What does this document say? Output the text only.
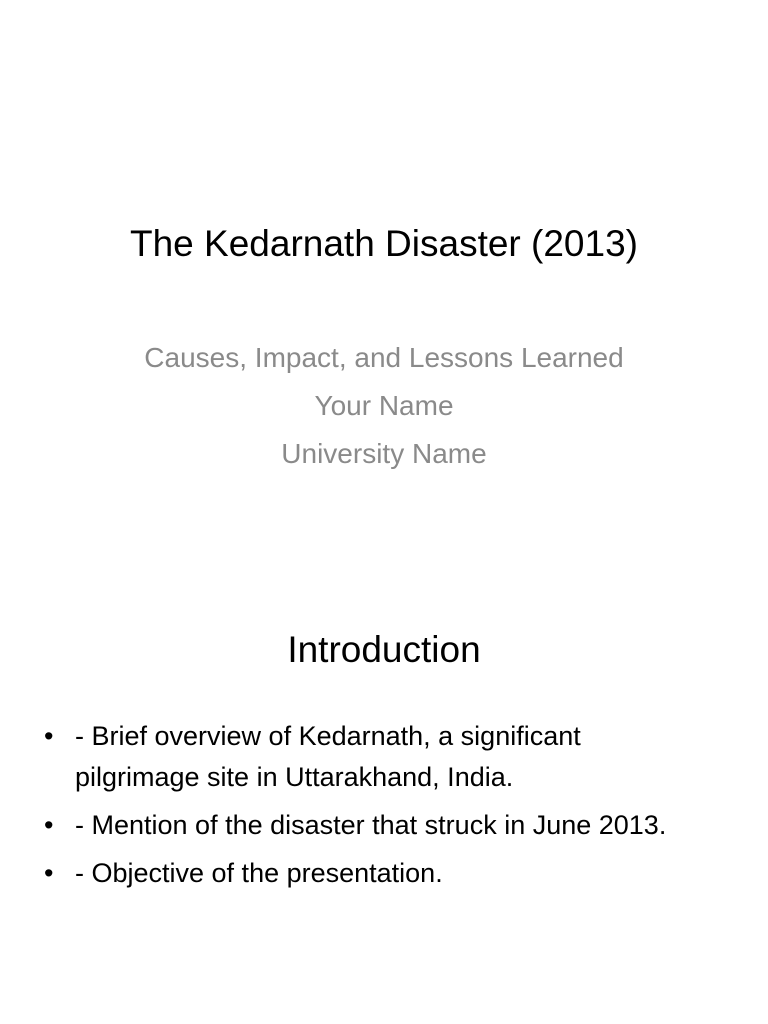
The Kedarnath Disaster (2013)
Causes, Impact, and Lessons Learned
Your Name
University Name
Introduction
• - Brief overview of Kedarnath, a significant pilgrimage site in Uttarakhand, India.
• - Mention of the disaster that struck in June 2013.
• - Objective of the presentation.
